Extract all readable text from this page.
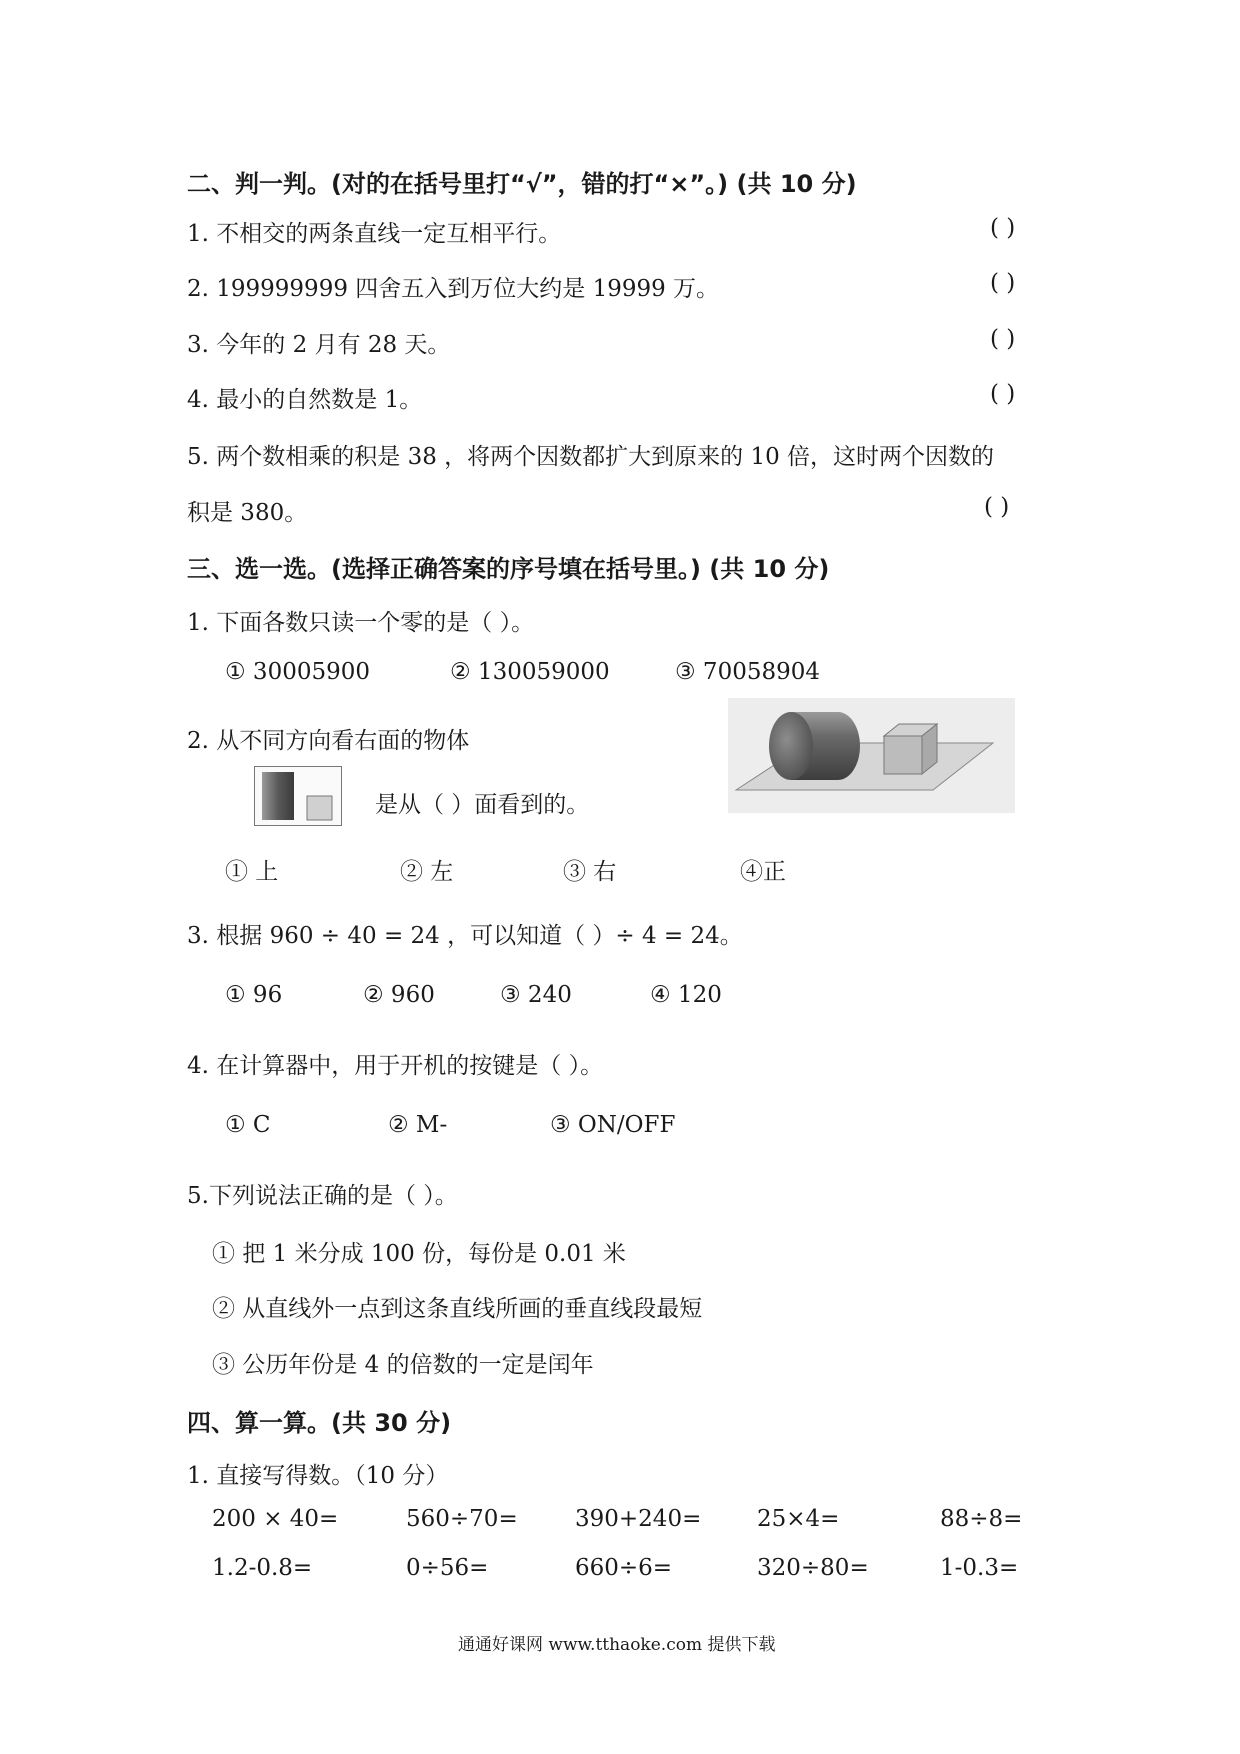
二、判一判。(对的在括号里打“√”，错的打“×”。) (共 10 分)
1. 不相交的两条直线一定互相平行。	( )
2. 199999999 四舍五入到万位大约是 19999 万。	( )
3. 今年的 2 月有 28 天。	( )
4. 最小的自然数是 1。	( )
5. 两个数相乘的积是 38 ，将两个因数都扩大到原来的 10 倍，这时两个因数的
积是 380。	( )
三、选一选。(选择正确答案的序号填在括号里。) (共 10 分)
1. 下面各数只读一个零的是（ ）。
① 30005900	② 130059000	③ 70058904
2. 从不同方向看右面的物体
是从（ ）面看到的。
① 上	② 左	③ 右	④正
3. 根据 960 ÷ 40 = 24 ，可以知道（ ）÷ 4 = 24。
① 96	② 960	③ 240	④ 120
4. 在计算器中，用于开机的按键是（ ）。
① C	② M-	③ ON/OFF
5.下列说法正确的是（ ）。
① 把 1 米分成 100 份，每份是 0.01 米
② 从直线外一点到这条直线所画的垂直线段最短
③ 公历年份是 4 的倍数的一定是闰年
四、算一算。(共 30 分)
1. 直接写得数。（10 分）
200 × 40=	560÷70= 390+240= 25×4=	88÷8=
1.2-0.8=	0÷56=	660÷6=	320÷80=	1-0.3=
通通好课网 www.tthaoke.com 提供下载
